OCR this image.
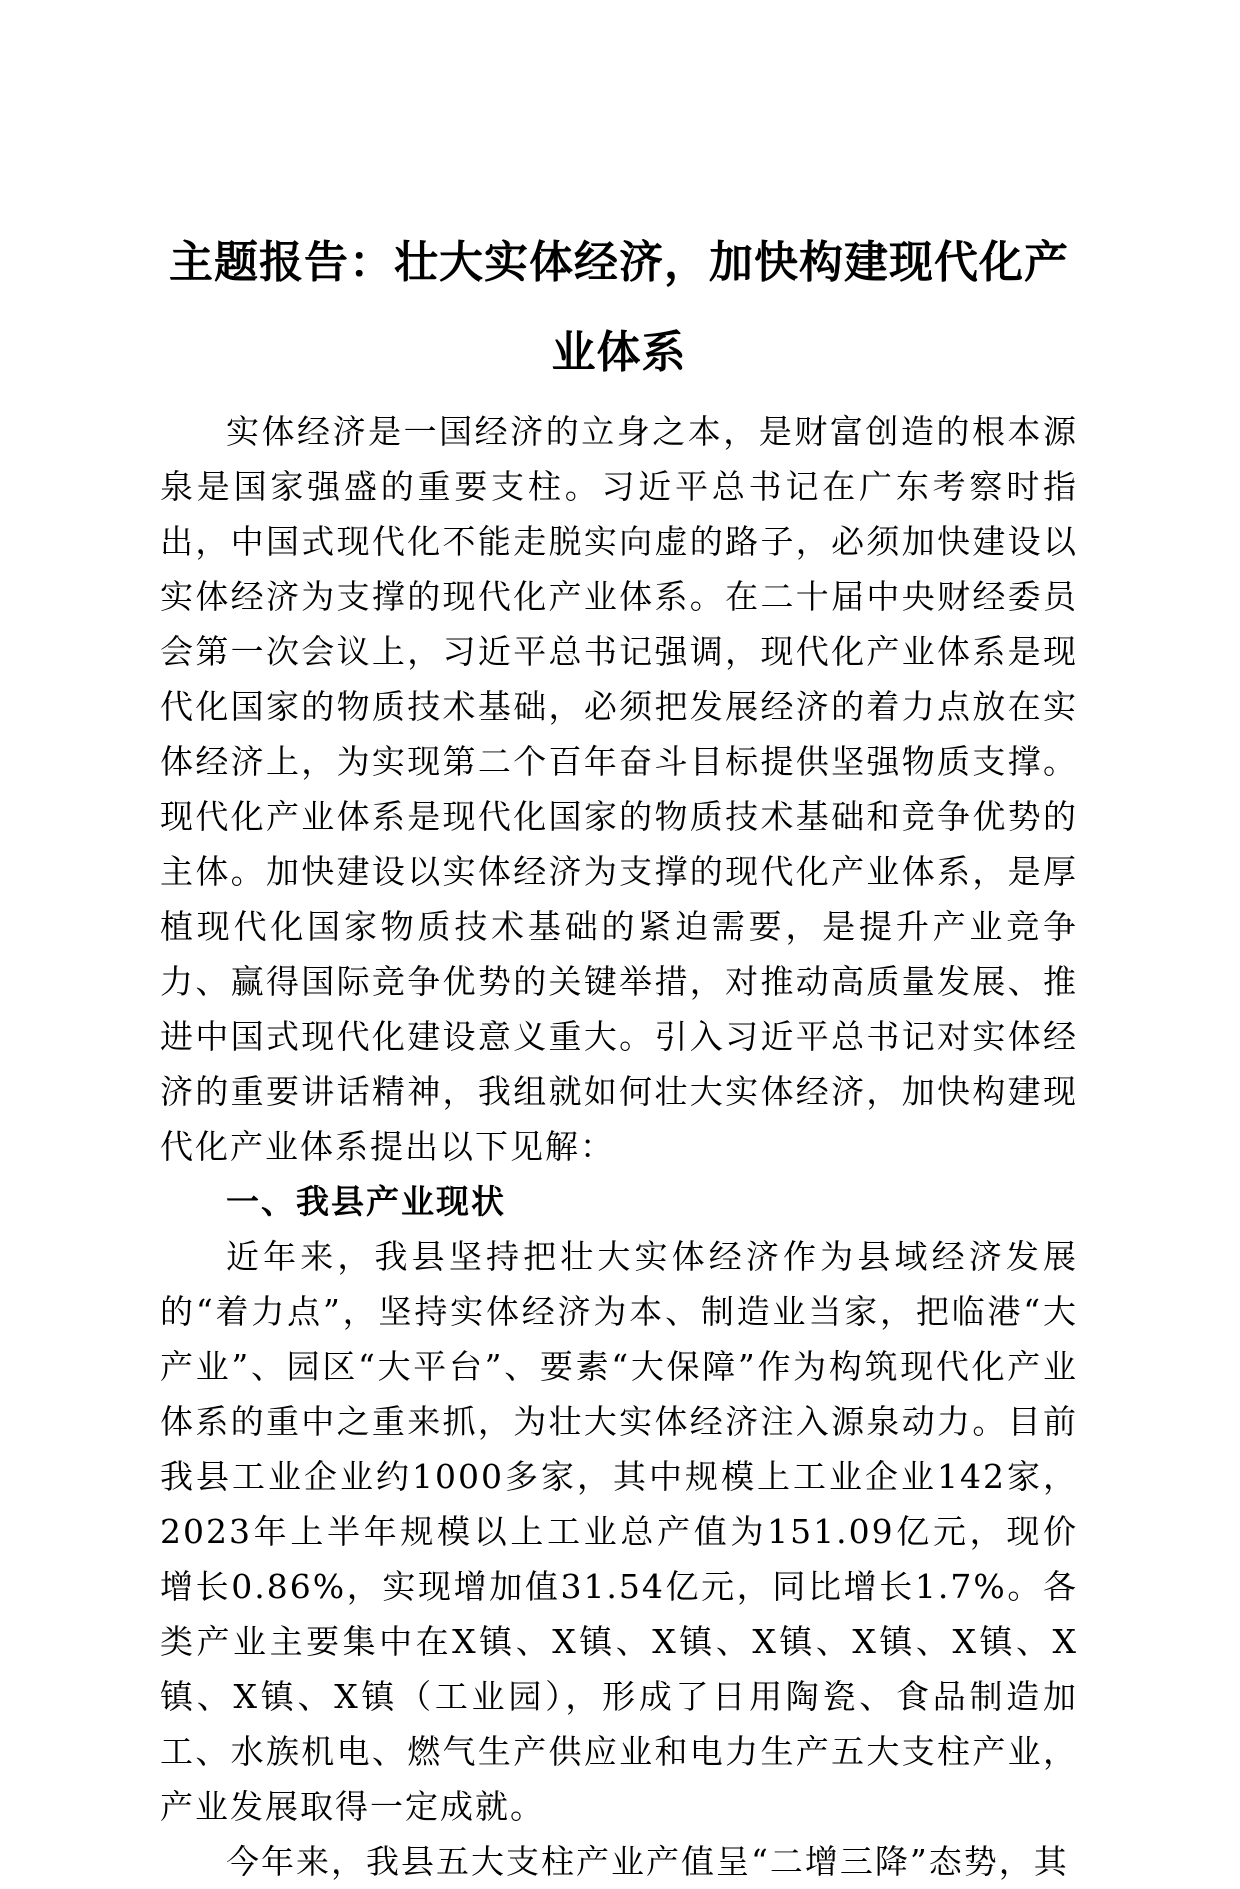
主题报告：壮大实体经济，加快构建现代化产业体系

实体经济是一国经济的立身之本，是财富创造的根本源泉是国家强盛的重要支柱。习近平总书记在广东考察时指出，中国式现代化不能走脱实向虚的路子，必须加快建设以实体经济为支撑的现代化产业体系。在二十届中央财经委员会第一次会议上，习近平总书记强调，现代化产业体系是现代化国家的物质技术基础，必须把发展经济的着力点放在实体经济上，为实现第二个百年奋斗目标提供坚强物质支撑。现代化产业体系是现代化国家的物质技术基础和竞争优势的主体。加快建设以实体经济为支撑的现代化产业体系，是厚植现代化国家物质技术基础的紧迫需要，是提升产业竞争力、赢得国际竞争优势的关键举措，对推动高质量发展、推进中国式现代化建设意义重大。引入习近平总书记对实体经济的重要讲话精神，我组就如何壮大实体经济，加快构建现代化产业体系提出以下见解：

一、我县产业现状

近年来，我县坚持把壮大实体经济作为县域经济发展的“着力点”，坚持实体经济为本、制造业当家，把临港“大产业”、园区“大平台”、要素“大保障”作为构筑现代化产业体系的重中之重来抓，为壮大实体经济注入源泉动力。目前我县工业企业约1000多家，其中规模上工业企业142家，2023年上半年规模以上工业总产值为151.09亿元，现价增长0.86%，实现增加值31.54亿元，同比增长1.7%。各类产业主要集中在X镇、X镇、X镇、X镇、X镇、X镇、X镇、X镇、X镇（工业园），形成了日用陶瓷、食品制造加工、水族机电、燃气生产供应业和电力生产五大支柱产业，产业发展取得一定成就。

今年来，我县五大支柱产业产值呈“二增三降”态势，其
